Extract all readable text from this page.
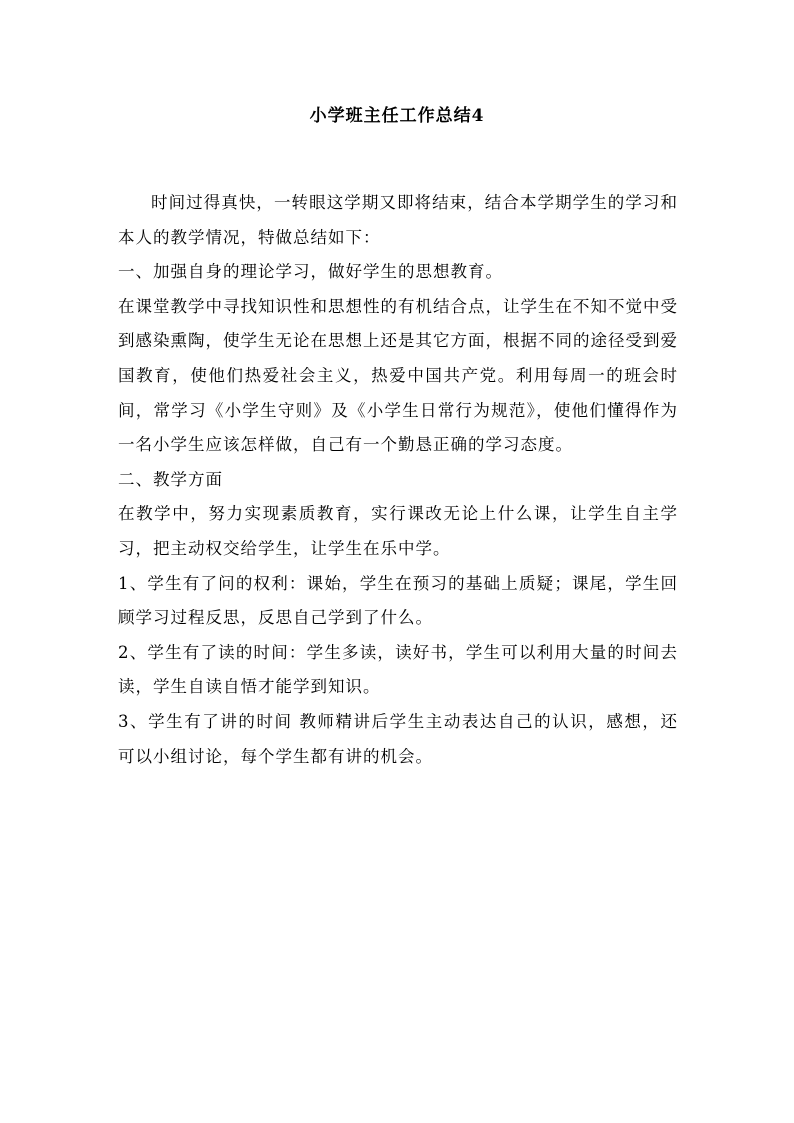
小学班主任工作总结4

时间过得真快，一转眼这学期又即将结束，结合本学期学生的学习和本人的教学情况，特做总结如下：

一、加强自身的理论学习，做好学生的思想教育。

在课堂教学中寻找知识性和思想性的有机结合点，让学生在不知不觉中受到感染熏陶，使学生无论在思想上还是其它方面，根据不同的途径受到爱国教育，使他们热爱社会主义，热爱中国共产党。利用每周一的班会时间，常学习《小学生守则》及《小学生日常行为规范》，使他们懂得作为一名小学生应该怎样做，自己有一个勤恳正确的学习态度。

二、教学方面

在教学中，努力实现素质教育，实行课改无论上什么课，让学生自主学习，把主动权交给学生，让学生在乐中学。

1、学生有了问的权利：课始，学生在预习的基础上质疑；课尾，学生回顾学习过程反思，反思自己学到了什么。

2、学生有了读的时间：学生多读，读好书，学生可以利用大量的时间去读，学生自读自悟才能学到知识。

3、学生有了讲的时间 教师精讲后学生主动表达自己的认识，感想，还可以小组讨论，每个学生都有讲的机会。
